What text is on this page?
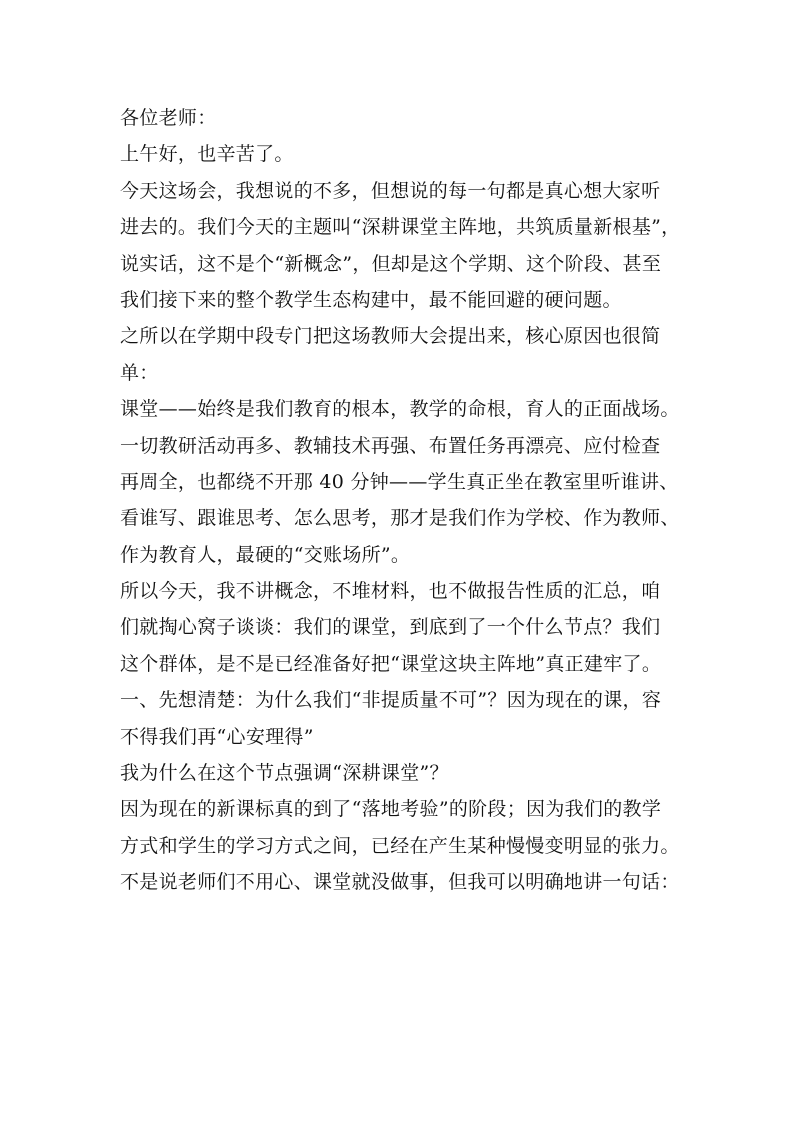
各位老师：
上午好，也辛苦了。
今天这场会，我想说的不多，但想说的每一句都是真心想大家听
进去的。我们今天的主题叫“深耕课堂主阵地，共筑质量新根基”，
说实话，这不是个“新概念”，但却是这个学期、这个阶段、甚至
我们接下来的整个教学生态构建中，最不能回避的硬问题。
之所以在学期中段专门把这场教师大会提出来，核心原因也很简
单：
课堂——始终是我们教育的根本，教学的命根，育人的正面战场。
一切教研活动再多、教辅技术再强、布置任务再漂亮、应付检查
再周全，也都绕不开那 40 分钟——学生真正坐在教室里听谁讲、
看谁写、跟谁思考、怎么思考，那才是我们作为学校、作为教师、
作为教育人，最硬的“交账场所”。
所以今天，我不讲概念，不堆材料，也不做报告性质的汇总，咱
们就掏心窝子谈谈：我们的课堂，到底到了一个什么节点？我们
这个群体，是不是已经准备好把“课堂这块主阵地”真正建牢了。
一、先想清楚：为什么我们“非提质量不可”？因为现在的课，容
不得我们再“心安理得”
我为什么在这个节点强调“深耕课堂”？
因为现在的新课标真的到了“落地考验”的阶段；因为我们的教学
方式和学生的学习方式之间，已经在产生某种慢慢变明显的张力。
不是说老师们不用心、课堂就没做事，但我可以明确地讲一句话：
